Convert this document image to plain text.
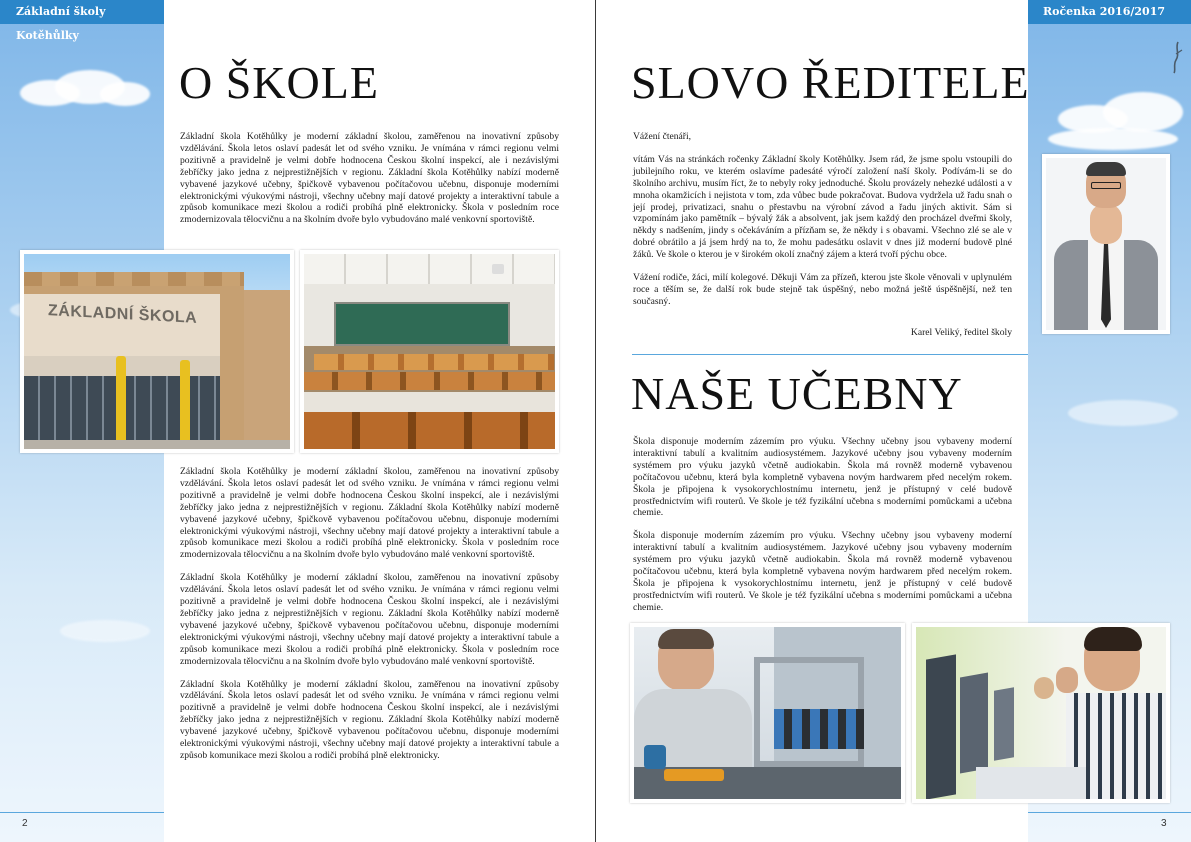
Základní školy Kotěhůlky
Ročenka 2016/2017
2	3
O ŠKOLE

Základní škola Kotěhůlky je moderní základní školou, zaměřenou na inovativní způsoby vzdělávání. Škola letos oslaví padesát let od svého vzniku. Je vnímána v rámci regionu velmi pozitivně a pravidelně je velmi dobře hodnocena Českou školní inspekcí, ale i nezávislými žebříčky jako jedna z nejprestižnějších v regionu. Základní škola Kotěhůlky nabízí moderně vybavené jazykové učebny, špičkově vybavenou počítačovou učebnu, disponuje moderními elektronickými výukovými nástroji, všechny učebny mají datové projekty a interaktivní tabule a způsob komunikace mezi školou a rodiči probíhá plně elektronicky. Škola v posledním roce zmodernizovala tělocvičnu a na školním dvoře bylo vybudováno malé venkovní sportoviště.

ZÁKLADNÍ ŠKOLA

Základní škola Kotěhůlky je moderní základní školou, zaměřenou na inovativní způsoby vzdělávání. Škola letos oslaví padesát let od svého vzniku. Je vnímána v rámci regionu velmi pozitivně a pravidelně je velmi dobře hodnocena Českou školní inspekcí, ale i nezávislými žebříčky jako jedna z nejprestižnějších v regionu. Základní škola Kotěhůlky nabízí moderně vybavené jazykové učebny, špičkově vybavenou počítačovou učebnu, disponuje moderními elektronickými výukovými nástroji, všechny učebny mají datové projekty a interaktivní tabule a způsob komunikace mezi školou a rodiči probíhá plně elektronicky. Škola v posledním roce zmodernizovala tělocvičnu a na školním dvoře bylo vybudováno malé venkovní sportoviště.

Základní škola Kotěhůlky je moderní základní školou, zaměřenou na inovativní způsoby vzdělávání. Škola letos oslaví padesát let od svého vzniku. Je vnímána v rámci regionu velmi pozitivně a pravidelně je velmi dobře hodnocena Českou školní inspekcí, ale i nezávislými žebříčky jako jedna z nejprestižnějších v regionu. Základní škola Kotěhůlky nabízí moderně vybavené jazykové učebny, špičkově vybavenou počítačovou učebnu, disponuje moderními elektronickými výukovými nástroji, všechny učebny mají datové projekty a interaktivní tabule a způsob komunikace mezi školou a rodiči probíhá plně elektronicky. Škola v posledním roce zmodernizovala tělocvičnu a na školním dvoře bylo vybudováno malé venkovní sportoviště.

Základní škola Kotěhůlky je moderní základní školou, zaměřenou na inovativní způsoby vzdělávání. Škola letos oslaví padesát let od svého vzniku. Je vnímána v rámci regionu velmi pozitivně a pravidelně je velmi dobře hodnocena Českou školní inspekcí, ale i nezávislými žebříčky jako jedna z nejprestižnějších v regionu. Základní škola Kotěhůlky nabízí moderně vybavené jazykové učebny, špičkově vybavenou počítačovou učebnu, disponuje moderními elektronickými výukovými nástroji, všechny učebny mají datové projekty a interaktivní tabule a způsob komunikace mezi školou a rodiči probíhá plně elektronicky.

SLOVO ŘEDITELE

Vážení čtenáři,

vítám Vás na stránkách ročenky Základní školy Kotěhůlky. Jsem rád, že jsme spolu vstoupili do jubilejního roku, ve kterém oslavíme padesáté výročí založení naší školy. Podívám-li se do školního archivu, musím říct, že to nebyly roky jednoduché. Školu provázely nehezké události a v mnoha okamžicích i nejistota v tom, zda vůbec bude pokračovat. Budova vydržela už řadu snah o její prodej, privatizaci, snahu o přestavbu na výrobní závod a řadu jiných aktivit. Sám si vzpomínám jako pamětník – bývalý žák a absolvent, jak jsem každý den procházel dveřmi školy, někdy s nadšením, jindy s očekáváním a přízňam se, že někdy i s obavami. Všechno zlé se ale v dobré obrátilo a já jsem hrdý na to, že mohu padesátku oslavit v dnes již moderní budově plné žáků. Ve škole o kterou je v širokém okolí značný zájem a která tvoří pýchu obce.

Vážení rodiče, žáci, milí kolegové. Děkuji Vám za přízeň, kterou jste škole věnovali v uplynulém roce a těším se, že další rok bude stejně tak úspěšný, nebo možná ještě úspěšnější, než ten současný.

Karel Veliký, ředitel školy
NAŠE UČEBNY

Škola disponuje moderním zázemím pro výuku. Všechny učebny jsou vybaveny moderní interaktivní tabulí a kvalitním audiosystémem. Jazykové učebny jsou vybaveny moderním systémem pro výuku jazyků včetně audiokabin. Škola má rovněž moderně vybavenou počítačovou učebnu, která byla kompletně vybavena novým hardwarem před necelým rokem. Škola je připojena k vysokorychlostnímu internetu, jenž je přístupný v celé budově prostřednictvím wifi routerů. Ve škole je též fyzikální učebna s moderními pomůckami a učebna chemie.

Škola disponuje moderním zázemím pro výuku. Všechny učebny jsou vybaveny moderní interaktivní tabulí a kvalitním audiosystémem. Jazykové učebny jsou vybaveny moderním systémem pro výuku jazyků včetně audiokabin. Škola má rovněž moderně vybavenou počítačovou učebnu, která byla kompletně vybavena novým hardwarem před necelým rokem. Škola je připojena k vysokorychlostnímu internetu, jenž je přístupný v celé budově prostřednictvím wifi routerů. Ve škole je též fyzikální učebna s moderními pomůckami a učebna chemie.
